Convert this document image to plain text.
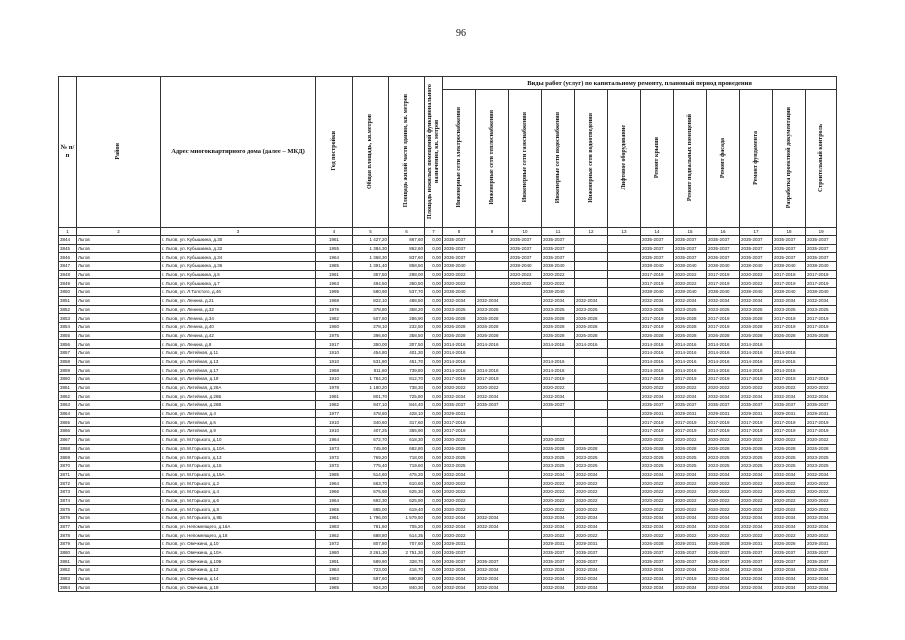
96
№ п/п	Район	Адрес многоквартирного дома (далее – МКД)	Год постройки	Общая площадь, кв.метров	Площадь жилой части здания, кв. метров	Площадь нежилых помещений функционального назначения, кв. метров	Виды работ (услуг) по капитальному ремонту, плановый период проведения											
							Инженерные сети электроснабжения	Инженерные сети теплоснабжения	Инженерные сети газоснабжения	Инженерные сети водоснабжения	Инженерные сети водоотведения	Лифтовое оборудование	Ремонт крыши	Ремонт подвальных помещений	Ремонт фасада	Ремонт фундамента	Разработка проектной документации	Строительный контроль
1	2	3	4	5	6	7	8	9	10	11	12	13	14	15	16	17	18	19
3844	Льгов	г. Льгов, ул. Кубышкина, д.30	1961	1 427,20	867,60	0,00	2035-2037		2035-2037	2035-2037			2035-2037	2035-2037	2035-2037	2035-2037	2035-2037	2035-2037
3845	Льгов	г. Льгов, ул. Кубышкина, д.32	1955	1 384,30	862,60	0,00	2035-2037		2035-2037	2035-2037			2035-2037	2035-2037	2035-2037	2035-2037	2035-2037	2035-2037
3846	Льгов	г. Льгов, ул. Кубышкина, д.34	1964	1 368,30	837,60	0,00	2035-2037		2035-2037	2035-2037			2035-2037	2035-2037	2035-2037	2035-2037	2035-2037	2035-2037
3847	Льгов	г. Льгов, ул. Кубышкина, д.36	1985	1 391,40	858,50	0,00	2038-2040		2038-2040	2038-2040			2038-2040	2038-2040	2038-2040	2038-2040	2038-2040	2038-2040
3848	Льгов	г. Льгов, ул. Кубышкина, д.5	1961	357,50	298,00	0,00	2020-2022		2020-2022	2020-2022			2017-2019	2020-2022	2017-2019	2020-2022	2017-2019	2017-2019
3849	Льгов	г. Льгов, ул. Кубышкина, д.7	1963	494,50	350,50	0,00	2020-2022		2020-2022	2020-2022			2017-2019	2020-2022	2017-2019	2020-2022	2017-2019	2017-2019
3850	Льгов	г. Льгов, ул. Л.Толстого, д.46	1995	580,90	537,70	0,00	2038-2040			2038-2040			2038-2040	2038-2040	2038-2040	2038-2040	2038-2040	2038-2040
3851	Льгов	г. Льгов, ул. Ленина, д.21	1968	822,10	488,50	0,00	2032-2034	2032-2034		2032-2034	2032-2034		2032-2034	2032-2034	2032-2034	2032-2034	2032-2034	2032-2034
3852	Льгов	г. Льгов, ул. Ленина, д.32	1976	378,80	358,20	0,00	2023-2025	2023-2025		2023-2025	2023-2025		2023-2025	2023-2025	2023-2025	2023-2025	2023-2025	2023-2025
3853	Льгов	г. Льгов, ул. Ленина, д.34	1982	507,60	286,90	0,00	2026-2028	2026-2028		2026-2028	2026-2028		2017-2019	2026-2028	2017-2019	2026-2028	2017-2019	2017-2019
3854	Льгов	г. Льгов, ул. Ленина, д.40	1960	278,10	232,50	0,00	2026-2028	2026-2028		2026-2028	2026-2028		2017-2019	2026-2028	2017-2019	2026-2028	2017-2019	2017-2019
3855	Льгов	г. Льгов, ул. Ленина, д.42	1975	396,60	358,50	0,00	2026-2028	2026-2028		2026-2028	2026-2028		2026-2028	2026-2028	2026-2028	2026-2028	2026-2028	2026-2028
3856	Льгов	г. Льгов, ул. Ленина, д.8	1917	350,00	307,50	0,00	2014-2016	2014-2016		2014-2016	2014-2016		2014-2016	2014-2016	2014-2016	2014-2016		
3857	Льгов	г. Льгов, ул. Литейная, д.11	1910	454,80	401,30	0,00	2014-2016						2014-2016	2014-2016	2014-2016	2014-2016	2014-2016	
3858	Льгов	г. Льгов, ул. Литейная, д.13	1910	531,80	451,70	0,00	2014-2016			2014-2016			2014-2016	2014-2016	2014-2016	2014-2016	2014-2016	
3859	Льгов	г. Льгов, ул. Литейная, д.17	1958	811,60	739,80	0,00	2014-2016	2014-2016		2014-2016			2014-2016	2014-2016	2014-2016	2014-2016	2014-2016	
3860	Льгов	г. Льгов, ул. Литейная, д.19	1910	1 784,20	812,70	0,00	2017-2019	2017-2019		2017-2019			2017-2019	2017-2019	2017-2019	2017-2019	2017-2019	2017-2019
3861	Льгов	г. Льгов, ул. Литейная, д.26А	1978	1 180,20	738,30	0,00	2020-2022	2020-2022		2020-2022			2020-2022	2020-2022	2020-2022	2020-2022	2020-2022	2020-2022
3862	Льгов	г. Льгов, ул. Литейная, д.26Б	1981	801,70	725,80	0,00	2032-2034	2032-2034		2032-2034			2032-2034	2032-2034	2032-2034	2032-2034	2032-2034	2032-2034
3863	Льгов	г. Льгов, ул. Литейная, д.26В	1982	947,10	844,40	0,00	2035-2037	2035-2037		2035-2037			2035-2037	2035-2037	2035-2037	2035-2037	2035-2037	2035-2037
3864	Льгов	г. Льгов, ул. Литейная, д.4	1977	478,60	428,10	0,00	2029-2031						2029-2031	2029-2031	2029-2031	2029-2031	2029-2031	2029-2031
3865	Льгов	г. Льгов, ул. Литейная, д.6	1910	340,60	317,60	0,00	2017-2019						2017-2019	2017-2019	2017-2019	2017-2019	2017-2019	2017-2019
3866	Льгов	г. Льгов, ул. Литейная, д.9	1910	407,25	355,90	0,00	2017-2019						2017-2019	2017-2019	2017-2019	2017-2019	2017-2019	2017-2019
3867	Льгов	г. Льгов, ул. М.Горького, д.10	1964	672,70	618,30	0,00	2020-2022			2020-2022			2020-2022	2020-2022	2020-2022	2020-2022	2020-2022	2020-2022
3868	Льгов	г. Льгов, ул. М.Горького, д.10А	1973	745,90	682,80	0,00	2026-2028			2026-2028	2026-2028		2026-2028	2026-2028	2026-2028	2026-2028	2026-2028	2026-2028
3869	Льгов	г. Льгов, ул. М.Горького, д.13	1972	769,20	718,00	0,00	2023-2025			2023-2025	2023-2025		2023-2025	2023-2025	2023-2025	2023-2025	2023-2025	2023-2025
3870	Льгов	г. Льгов, ул. М.Горького, д.15	1972	775,40	719,60	0,00	2023-2025			2023-2025	2023-2025		2023-2025	2023-2025	2023-2025	2023-2025	2023-2025	2023-2025
3871	Льгов	г. Льгов, ул. М.Горького, д.15А	1985	514,60	475,20	0,00	2032-2034			2032-2034	2032-2034		2032-2034	2032-2034	2032-2034	2032-2034	2032-2034	2032-2034
3872	Льгов	г. Льгов, ул. М.Горького, д.2	1964	663,70	610,60	0,00	2020-2022			2020-2022	2020-2022		2020-2022	2020-2022	2020-2022	2020-2022	2020-2022	2020-2022
3873	Льгов	г. Льгов, ул. М.Горького, д.4	1966	675,90	625,30	0,00	2020-2022			2020-2022	2020-2022		2020-2022	2020-2022	2020-2022	2020-2022	2020-2022	2020-2022
3874	Льгов	г. Льгов, ул. М.Горького, д.6	1964	692,30	625,90	0,00	2020-2022			2020-2022	2020-2022		2020-2022	2020-2022	2020-2022	2020-2022	2020-2022	2020-2022
3875	Льгов	г. Льгов, ул. М.Горького, д.8	1965	685,00	619,40	0,00	2020-2022			2020-2022	2020-2022		2020-2022	2020-2022	2020-2022	2020-2022	2020-2022	2020-2022
3876	Льгов	г. Льгов, ул. М.Горького, д.9Б	1981	1 796,00	1 579,50	0,00	2032-2034	2032-2034		2032-2034	2032-2034		2032-2034	2032-2034	2032-2034	2032-2034	2032-2034	2032-2034
3877	Льгов	г. Льгов, ул. Непомнящего, д.16А	1983	781,60	705,20	0,00	2032-2034	2032-2034		2032-2034	2032-2034		2032-2034	2032-2034	2032-2034	2032-2034	2032-2034	2032-2034
3878	Льгов	г. Льгов, ул. Непомнящего, д.18	1962	688,80	614,35	0,00	2020-2022			2020-2022	2020-2022		2020-2022	2020-2022	2020-2022	2020-2022	2020-2022	2020-2022
3879	Льгов	г. Льгов, ул. Овечкина, д.10	1972	807,80	707,60	0,00	2029-2031			2029-2031	2029-2031		2026-2028	2029-2031	2026-2028	2029-2031	2026-2028	2029-2031
3880	Льгов	г. Льгов, ул. Овечкина, д.10А	1980	3 261,30	2 751,30	0,00	2035-2037			2035-2037	2035-2037		2035-2037	2035-2037	2035-2037	2035-2037	2035-2037	2035-2037
3881	Льгов	г. Льгов, ул. Овечкина, д.10Б	1991	589,80	328,70	0,00	2035-2037	2035-2037		2035-2037	2035-2037		2035-2037	2035-2037	2035-2037	2035-2037	2035-2037	2035-2037
3882	Льгов	г. Льгов, ул. Овечкина, д.12	1984	723,00	416,70	0,00	2032-2034	2032-2034		2032-2034	2032-2034		2032-2034	2032-2034	2032-2034	2032-2034	2032-2034	2032-2034
3883	Льгов	г. Льгов, ул. Овечкина, д.14	1982	597,60	590,80	0,00	2032-2034	2032-2034		2032-2034	2032-2034		2032-2034	2017-2019	2032-2034	2032-2034	2032-2034	2032-2034
3884	Льгов	г. Льгов, ул. Овечкина, д.18	1985	924,20	840,30	0,00	2032-2034	2032-2034		2032-2034	2032-2034		2032-2034	2032-2034	2032-2034	2032-2034	2032-2034	2032-2034
